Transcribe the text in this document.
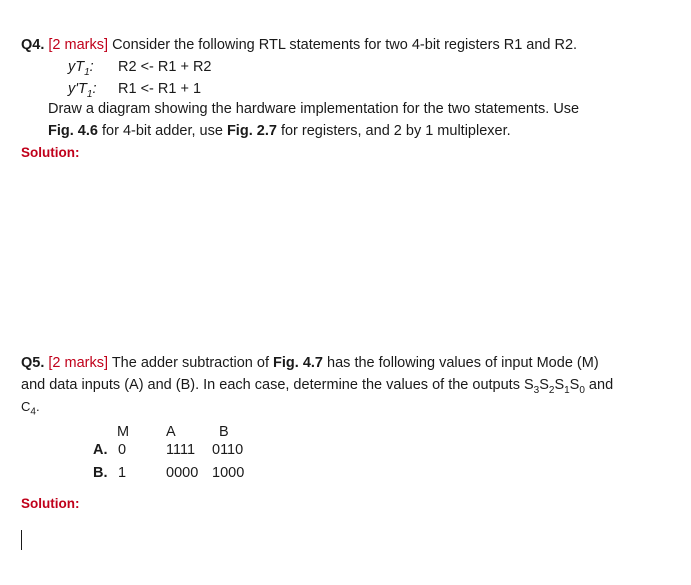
Q4. [2 marks] Consider the following RTL statements for two 4-bit registers R1 and R2.
$yT_1$: R2 <- R1 + R2
$y'T_1$: R1 <- R1 + 1
Draw a diagram showing the hardware implementation for the two statements. Use
Fig. 4.6 for 4-bit adder, use Fig. 2.7 for registers, and 2 by 1 multiplexer.
Solution:
Q5. [2 marks] The adder subtraction of Fig. 4.7 has the following values of input Mode (M)
and data inputs (A) and (B). In each case, determine the values of the outputs $S_3S_2S_1S_0$ and
$C_4$.
M	A	B
A. 0	1111 0110
B. 1	0000 1000
Solution:
